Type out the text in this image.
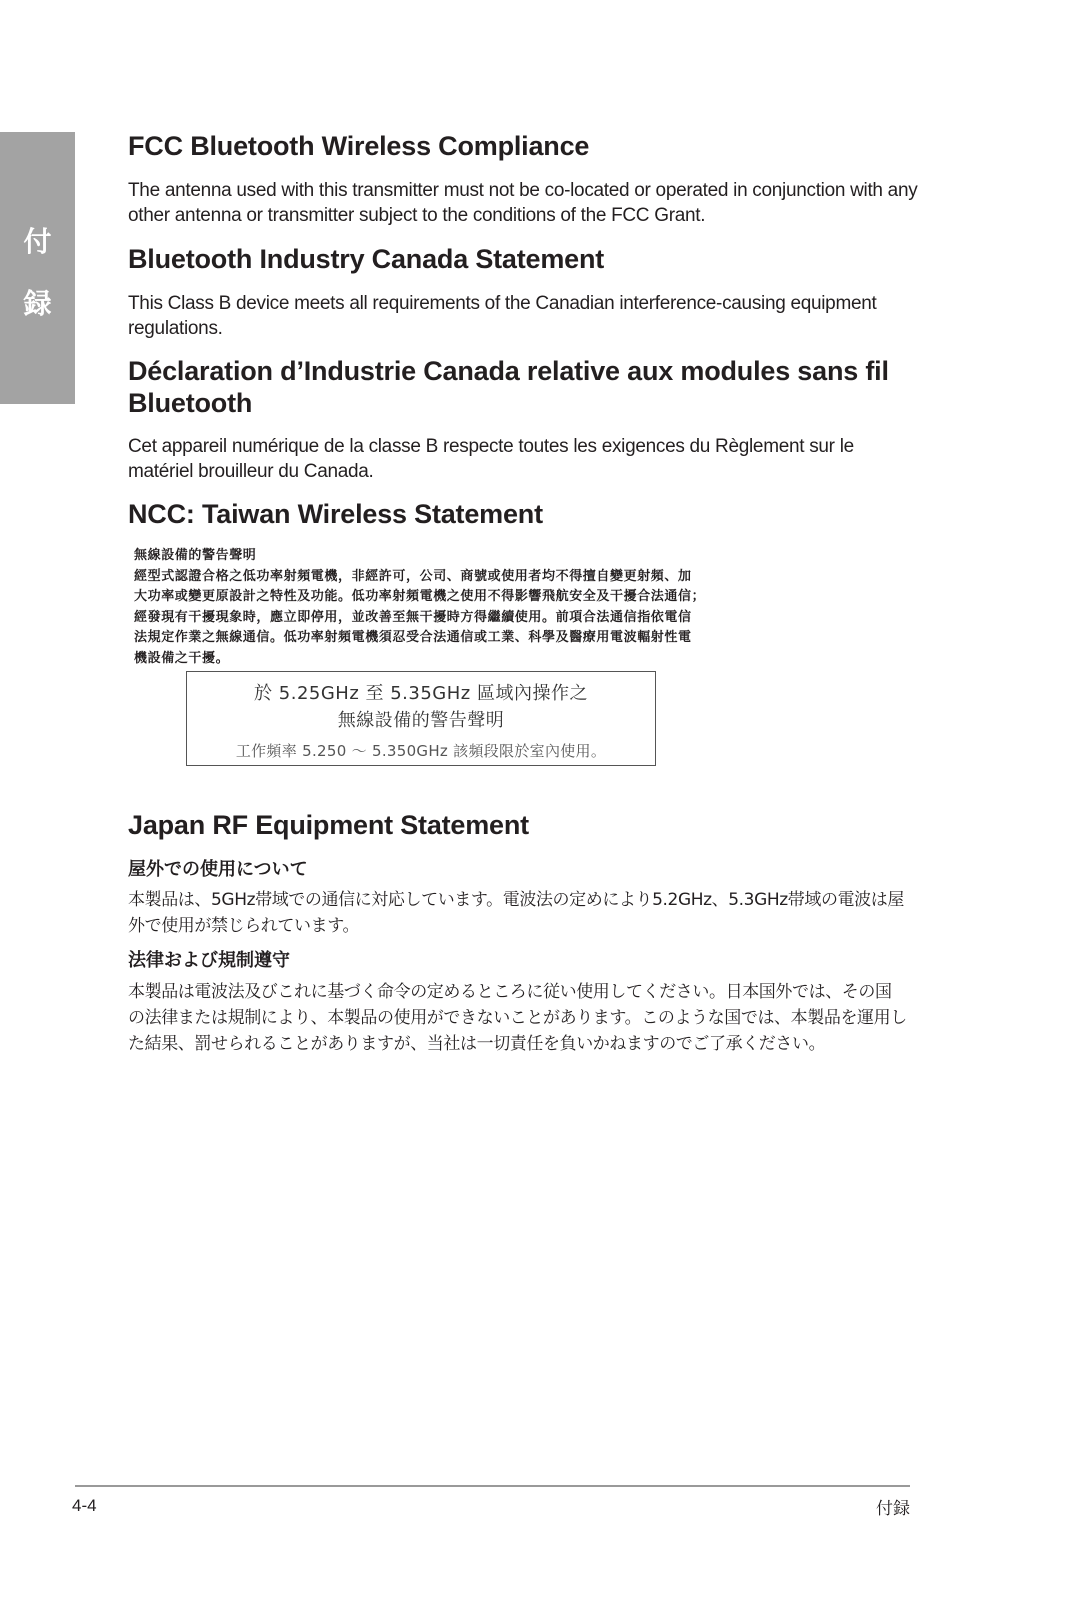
付
録
FCC Bluetooth Wireless Compliance

The antenna used with this transmitter must not be co-located or operated in conjunction with any other antenna or transmitter subject to the conditions of the FCC Grant.

Bluetooth Industry Canada Statement

This Class B device meets all requirements of the Canadian interference-causing equipment regulations.

Déclaration d’Industrie Canada relative aux modules sans fil Bluetooth

Cet appareil numérique de la classe B respecte toutes les exigences du Règlement sur le matériel brouilleur du Canada.

NCC: Taiwan Wireless Statement
無線設備的警告聲明
經型式認證合格之低功率射頻電機，非經許可，公司、商號或使用者均不得擅自變更射頻、加
大功率或變更原設計之特性及功能。低功率射頻電機之使用不得影響飛航安全及干擾合法通信；
經發現有干擾現象時，應立即停用，並改善至無干擾時方得繼續使用。前項合法通信指依電信
法規定作業之無線通信。低功率射頻電機須忍受合法通信或工業、科學及醫療用電波輻射性電
機設備之干擾。
於 5.25GHz 至 5.35GHz 區域內操作之
無線設備的警告聲明
工作頻率 5.250 ～ 5.350GHz 該頻段限於室內使用。
Japan RF Equipment Statement
屋外での使用について

本製品は、5GHz帯域での通信に対応しています。電波法の定めにより5.2GHz、5.3GHz帯域の電波は屋外で使用が禁じられています。

法律および規制遵守

本製品は電波法及びこれに基づく命令の定めるところに従い使用してください。日本国外では、その国の法律または規制により、本製品の使用ができないことがあります。このような国では、本製品を運用した結果、罰せられることがありますが、当社は一切責任を負いかねますのでご了承ください。

4-4	付録
